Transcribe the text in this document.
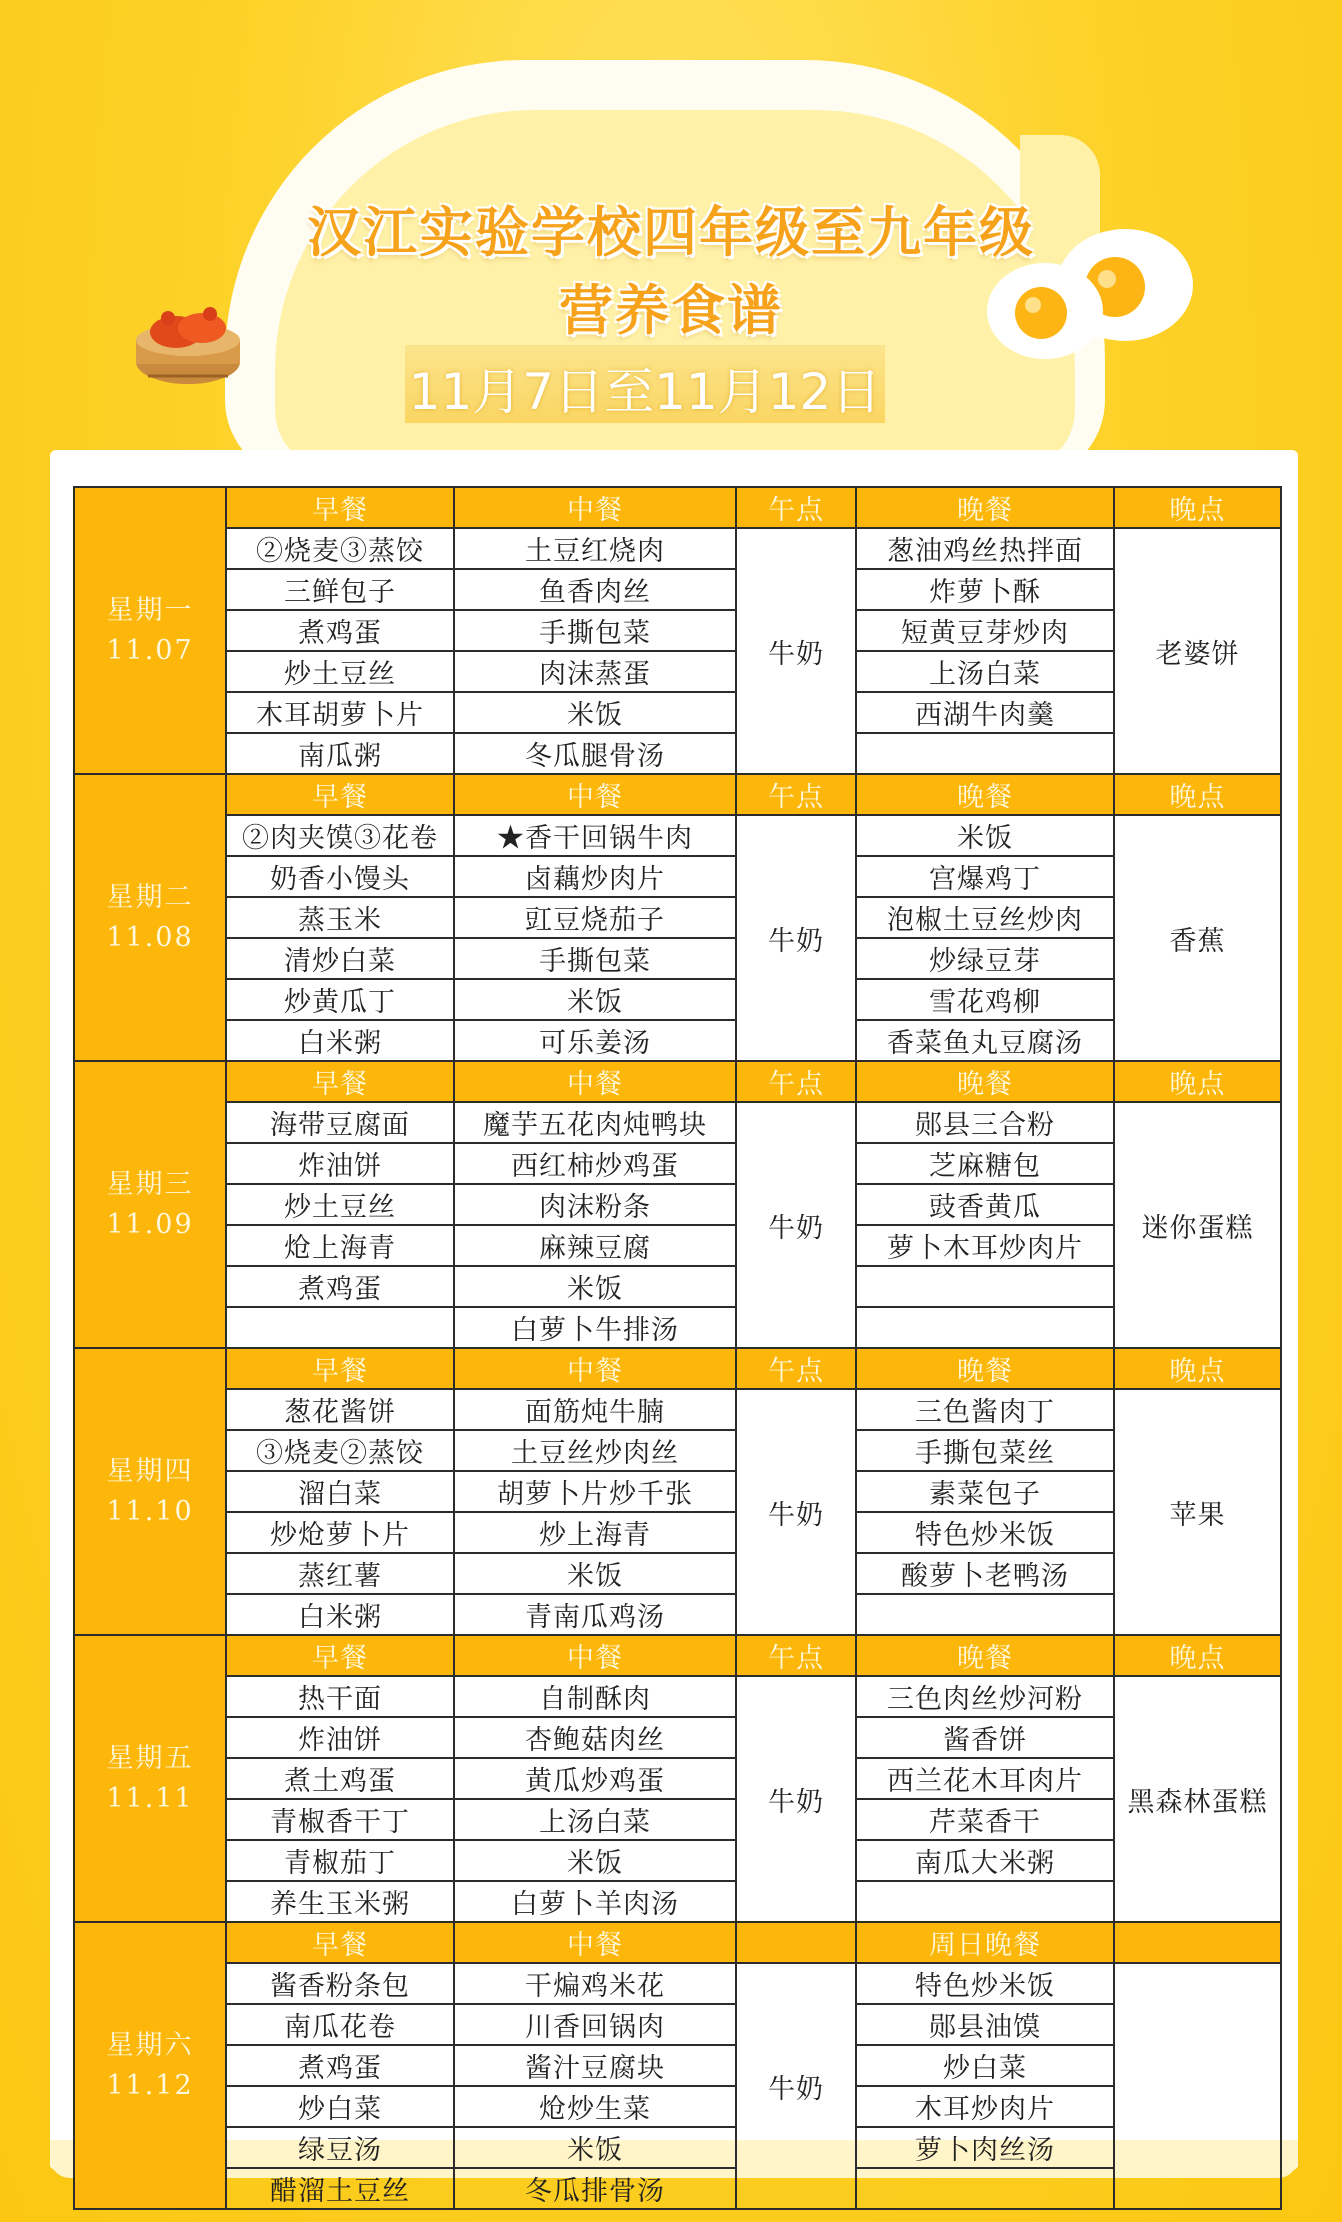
汉江实验学校四年级至九年级
营养食谱
11月7日至11月12日
星期一
11.07	早餐	中餐	午点	晚餐	晚点
	②烧麦③蒸饺	土豆红烧肉	牛奶	葱油鸡丝热拌面	老婆饼
	三鲜包子	鱼香肉丝		炸萝卜酥	
	煮鸡蛋	手撕包菜		短黄豆芽炒肉	
	炒土豆丝	肉沫蒸蛋		上汤白菜	
	木耳胡萝卜片	米饭		西湖牛肉羹	
	南瓜粥	冬瓜腿骨汤			

星期二
11.08	早餐	中餐	午点	晚餐	晚点
	②肉夹馍③花卷	★香干回锅牛肉	牛奶	米饭	香蕉
	奶香小馒头	卤藕炒肉片		宫爆鸡丁	
	蒸玉米	豇豆烧茄子		泡椒土豆丝炒肉	
	清炒白菜	手撕包菜		炒绿豆芽	
	炒黄瓜丁	米饭		雪花鸡柳	
	白米粥	可乐姜汤		香菜鱼丸豆腐汤	

星期三
11.09	早餐	中餐	午点	晚餐	晚点
	海带豆腐面	魔芋五花肉炖鸭块	牛奶	郧县三合粉	迷你蛋糕
	炸油饼	西红柿炒鸡蛋		芝麻糖包	
	炒土豆丝	肉沫粉条		豉香黄瓜	
	炝上海青	麻辣豆腐		萝卜木耳炒肉片	
	煮鸡蛋	米饭			
		白萝卜牛排汤			

星期四
11.10	早餐	中餐	午点	晚餐	晚点
	葱花酱饼	面筋炖牛腩	牛奶	三色酱肉丁	苹果
	③烧麦②蒸饺	土豆丝炒肉丝		手撕包菜丝	
	溜白菜	胡萝卜片炒千张		素菜包子	
	炒炝萝卜片	炒上海青		特色炒米饭	
	蒸红薯	米饭		酸萝卜老鸭汤	
	白米粥	青南瓜鸡汤			

星期五
11.11	早餐	中餐	午点	晚餐	晚点
	热干面	自制酥肉	牛奶	三色肉丝炒河粉	黑森林蛋糕
	炸油饼	杏鲍菇肉丝		酱香饼	
	煮土鸡蛋	黄瓜炒鸡蛋		西兰花木耳肉片	
	青椒香干丁	上汤白菜		芹菜香干	
	青椒茄丁	米饭		南瓜大米粥	
	养生玉米粥	白萝卜羊肉汤			

星期六
11.12	早餐	中餐		周日晚餐	
	酱香粉条包	干煸鸡米花	牛奶	特色炒米饭	
	南瓜花卷	川香回锅肉		郧县油馍	
	煮鸡蛋	酱汁豆腐块		炒白菜	
	炒白菜	炝炒生菜		木耳炒肉片	
	绿豆汤	米饭		萝卜肉丝汤	
	醋溜土豆丝	冬瓜排骨汤			
